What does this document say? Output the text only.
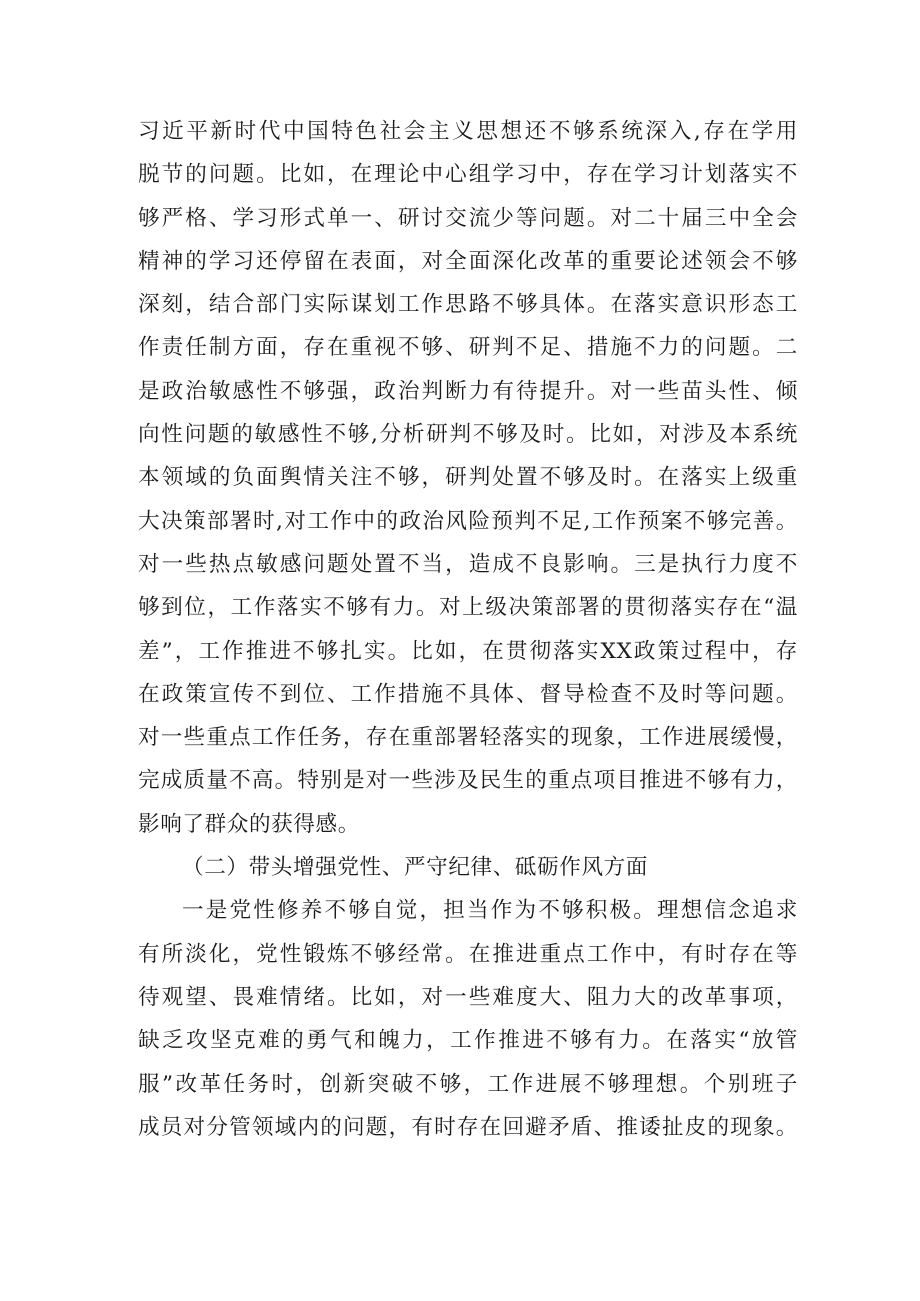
习近平新时代中国特色社会主义思想还不够系统深入,存在学用
脱节的问题。比如，在理论中心组学习中，存在学习计划落实不
够严格、学习形式单一、研讨交流少等问题。对二十届三中全会
精神的学习还停留在表面，对全面深化改革的重要论述领会不够
深刻，结合部门实际谋划工作思路不够具体。在落实意识形态工
作责任制方面，存在重视不够、研判不足、措施不力的问题。二
是政治敏感性不够强，政治判断力有待提升。对一些苗头性、倾
向性问题的敏感性不够,分析研判不够及时。比如，对涉及本系统
本领域的负面舆情关注不够，研判处置不够及时。在落实上级重
大决策部署时,对工作中的政治风险预判不足,工作预案不够完善。
对一些热点敏感问题处置不当，造成不良影响。三是执行力度不
够到位，工作落实不够有力。对上级决策部署的贯彻落实存在“温
差”，工作推进不够扎实。比如，在贯彻落实XX政策过程中，存
在政策宣传不到位、工作措施不具体、督导检查不及时等问题。
对一些重点工作任务，存在重部署轻落实的现象，工作进展缓慢，
完成质量不高。特别是对一些涉及民生的重点项目推进不够有力，
影响了群众的获得感。
（二）带头增强党性、严守纪律、砥砺作风方面
一是党性修养不够自觉，担当作为不够积极。理想信念追求
有所淡化，党性锻炼不够经常。在推进重点工作中，有时存在等
待观望、畏难情绪。比如，对一些难度大、阻力大的改革事项，
缺乏攻坚克难的勇气和魄力，工作推进不够有力。在落实“放管
服”改革任务时，创新突破不够，工作进展不够理想。个别班子
成员对分管领域内的问题，有时存在回避矛盾、推诿扯皮的现象。
